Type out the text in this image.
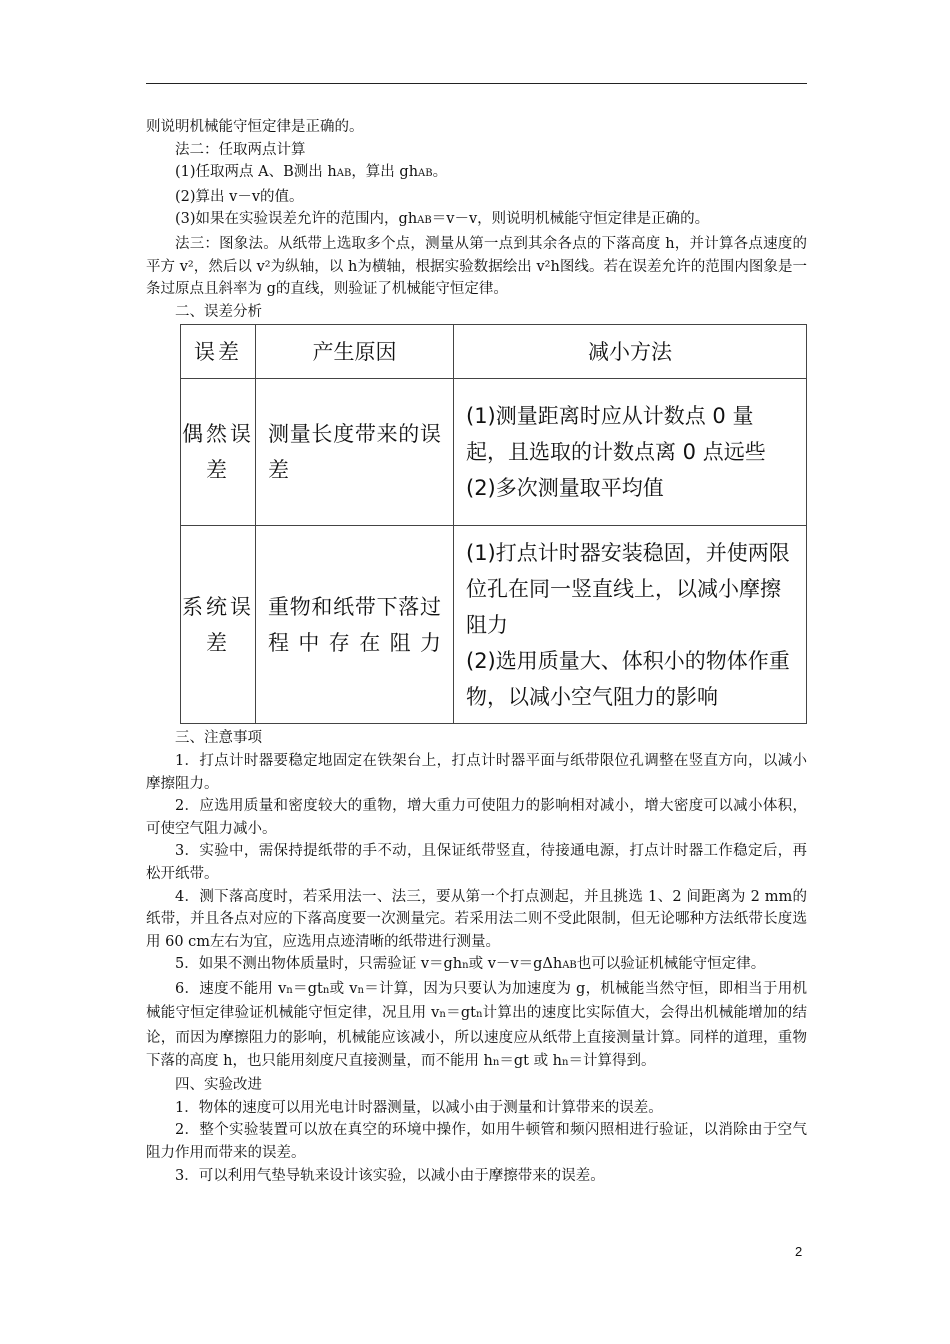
则说明机械能守恒定律是正确的。

法二：任取两点计算

(1)任取两点 A、B测出 hAB，算出 ghAB。

(2)算出 v－v的值。

(3)如果在实验误差允许的范围内，ghAB＝v－v，则说明机械能守恒定律是正确的。

法三：图象法。从纸带上选取多个点，测量从第一点到其余各点的下落高度 h，并计算各点速度的平方 v²，然后以 v²为纵轴，以 h为横轴，根据实验数据绘出 v²h图线。若在误差允许的范围内图象是一条过原点且斜率为 g的直线，则验证了机械能守恒定律。

二、误差分析

误差	产生原因	减小方法
偶然误差	测量长度带来的误差	(1)测量距离时应从计数点 0 量起，且选取的计数点离 0 点远些
(2)多次测量取平均值

系统误差	重物和纸带下落过程中存在阻力	(1)打点计时器安装稳固，并使两限位孔在同一竖直线上，以减小摩擦阻力
(2)选用质量大、体积小的物体作重物，以减小空气阻力的影响

三、注意事项

1．打点计时器要稳定地固定在铁架台上，打点计时器平面与纸带限位孔调整在竖直方向，以减小摩擦阻力。

2．应选用质量和密度较大的重物，增大重力可使阻力的影响相对减小，增大密度可以减小体积，可使空气阻力减小。

3．实验中，需保持提纸带的手不动，且保证纸带竖直，待接通电源，打点计时器工作稳定后，再松开纸带。

4．测下落高度时，若采用法一、法三，要从第一个打点测起，并且挑选 1、2 间距离为 2 mm的纸带，并且各点对应的下落高度要一次测量完。若采用法二则不受此限制，但无论哪种方法纸带长度选用 60 cm左右为宜，应选用点迹清晰的纸带进行测量。

5．如果不测出物体质量时，只需验证 v＝ghn或 v－v＝gΔhAB也可以验证机械能守恒定律。

6．速度不能用 vn＝gtn或 vn＝计算，因为只要认为加速度为 g，机械能当然守恒，即相当于用机械能守恒定律验证机械能守恒定律，况且用 vn＝gtn计算出的速度比实际值大，会得出机械能增加的结论，而因为摩擦阻力的影响，机械能应该减小，所以速度应从纸带上直接测量计算。同样的道理，重物下落的高度 h，也只能用刻度尺直接测量，而不能用 hn＝gt 或 hn＝计算得到。

四、实验改进

1．物体的速度可以用光电计时器测量，以减小由于测量和计算带来的误差。

2．整个实验装置可以放在真空的环境中操作，如用牛顿管和频闪照相进行验证，以消除由于空气阻力作用而带来的误差。

3．可以利用气垫导轨来设计该实验，以减小由于摩擦带来的误差。

2
